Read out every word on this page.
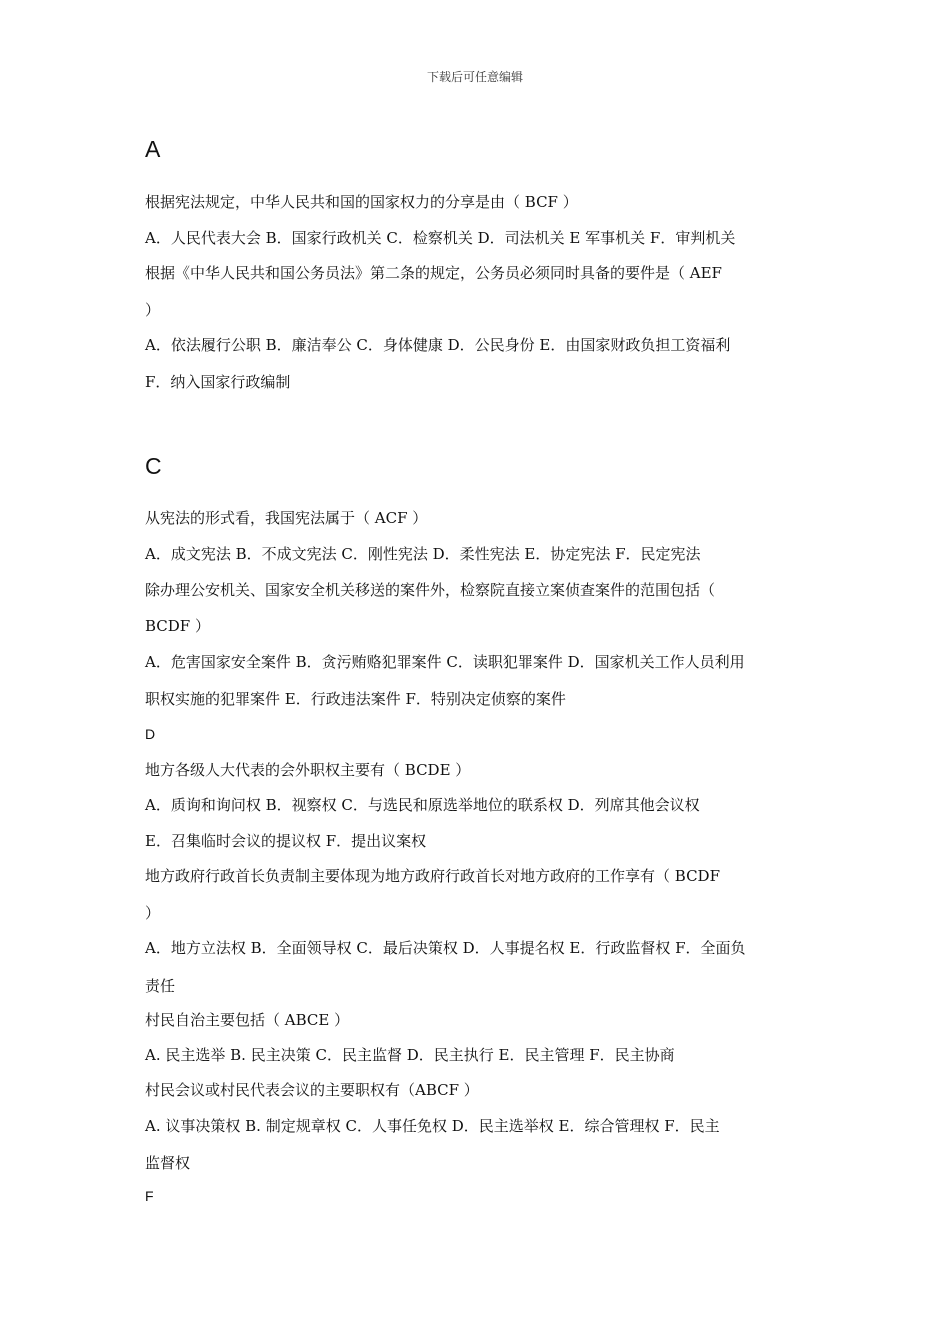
下载后可任意编辑
A
根据宪法规定，中华人民共和国的国家权力的分享是由（ BCF ）
A．人民代表大会 B．国家行政机关 C．检察机关 D．司法机关 E 军事机关 F．审判机关
根据《中华人民共和国公务员法》第二条的规定，公务员必须同时具备的要件是（ AEF
）
A．依法履行公职 B．廉洁奉公 C．身体健康 D．公民身份 E．由国家财政负担工资福利
F．纳入国家行政编制
C
从宪法的形式看，我国宪法属于（ ACF ）
A．成文宪法 B．不成文宪法 C．刚性宪法 D．柔性宪法 E．协定宪法 F．民定宪法
除办理公安机关、国家安全机关移送的案件外，检察院直接立案侦查案件的范围包括（
BCDF ）
A．危害国家安全案件 B．贪污贿赂犯罪案件 C．读职犯罪案件 D．国家机关工作人员利用
职权实施的犯罪案件 E．行政违法案件 F．特别决定侦察的案件
D
地方各级人大代表的会外职权主要有（ BCDE ）
A．质询和询问权 B．视察权 C．与选民和原选举地位的联系权 D．列席其他会议权
E．召集临时会议的提议权 F．提出议案权
地方政府行政首长负责制主要体现为地方政府行政首长对地方政府的工作享有（ BCDF
）
A．地方立法权 B．全面领导权 C．最后决策权 D．人事提名权 E．行政监督权 F．全面负
责任
村民自治主要包括（ ABCE ）
A. 民主选举 B. 民主决策 C．民主监督 D．民主执行 E．民主管理 F．民主协商
村民会议或村民代表会议的主要职权有（ABCF ）
A. 议事决策权 B. 制定规章权 C．人事任免权 D．民主选举权 E．综合管理权 F．民主
监督权
F
